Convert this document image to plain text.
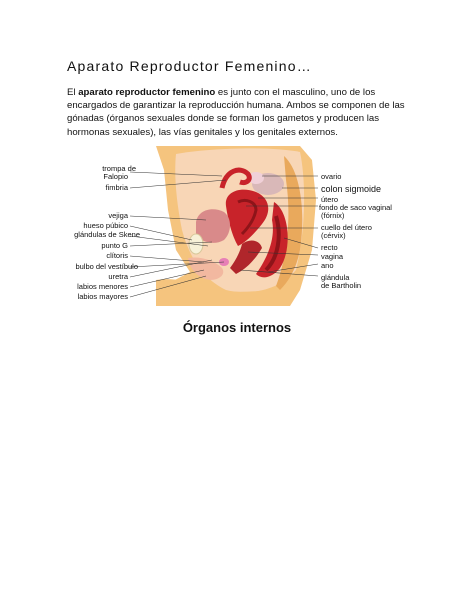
Aparato Reproductor Femenino…
El aparato reproductor femenino es junto con el masculino, uno de los encargados de garantizar la reproducción humana. Ambos se componen de las gónadas (órganos sexuales donde se forman los gametos y producen las hormonas sexuales), las vías genitales y los genitales externos.
trompa de
Falopio
fimbria
vejiga
hueso púbico
glándulas de Skene
punto G
clítoris
bulbo del vestíbulo
uretra
labios menores
labios mayores
ovario
colon sigmoide
útero
fondo de saco vaginal
(fórnix)
cuello del útero
(cérvix)
recto
vagina
ano
glándula
de Bartholin
Órganos internos
